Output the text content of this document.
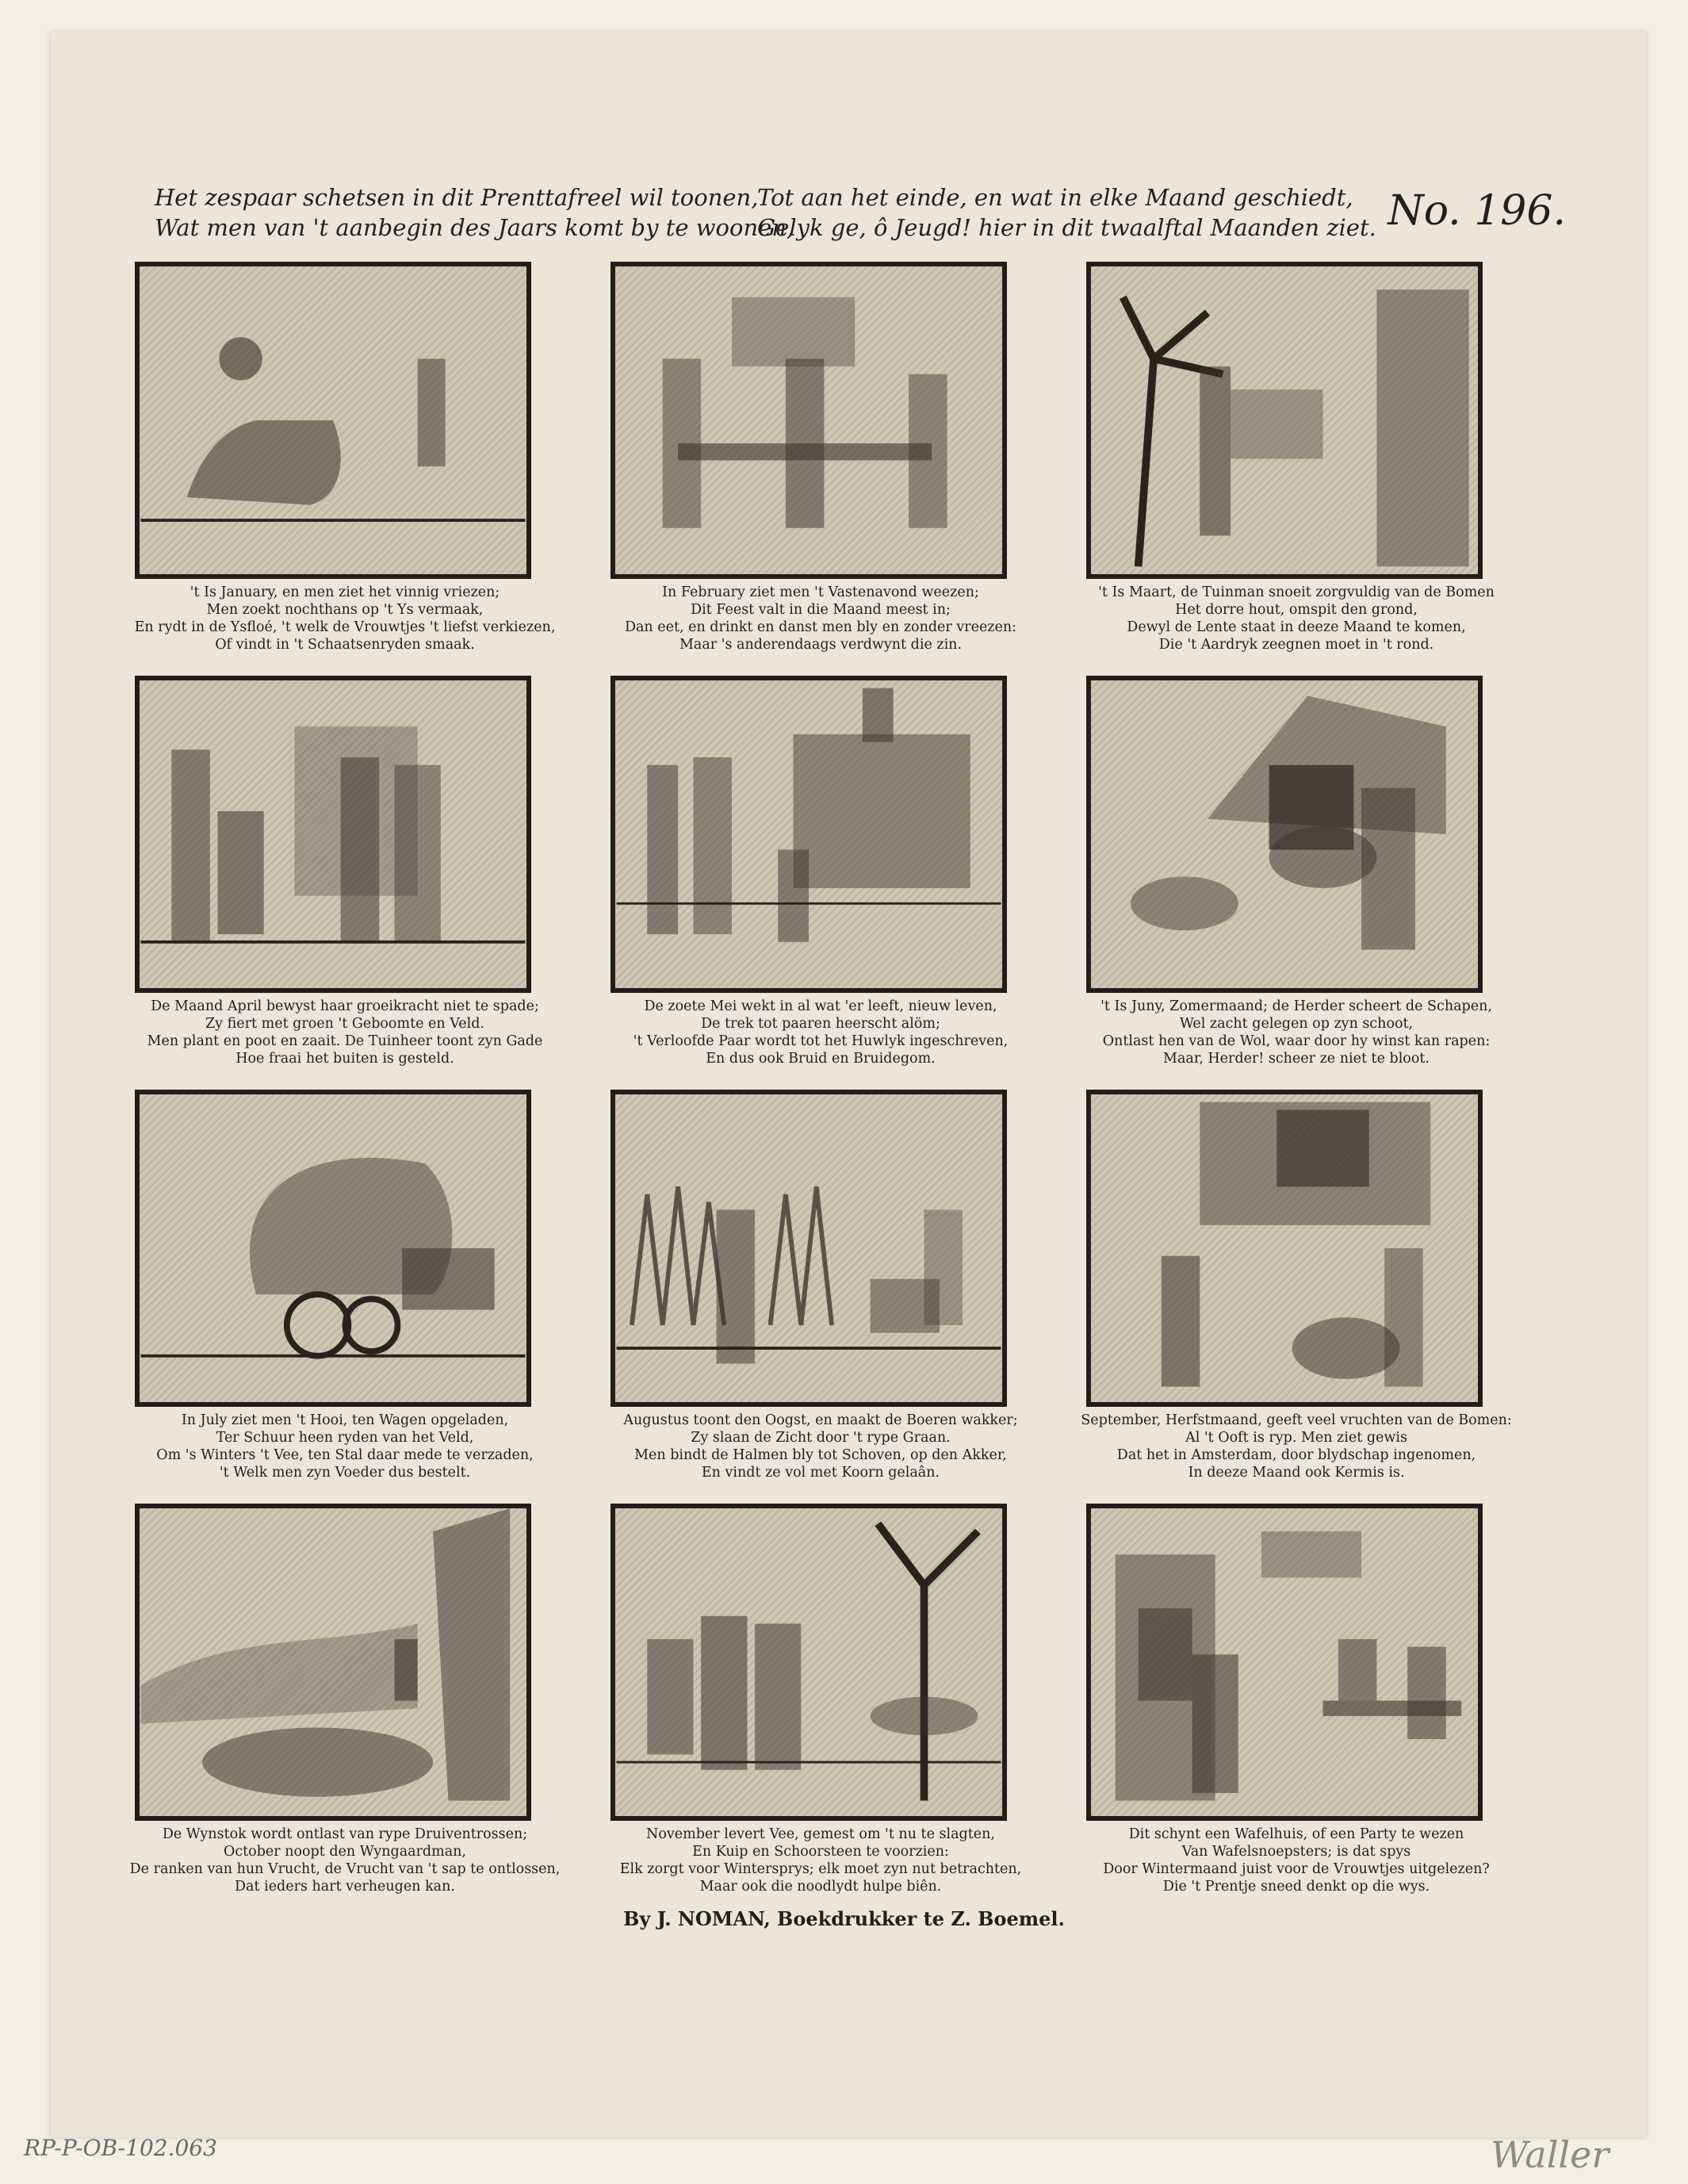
Het zespaar schetsen in dit Prenttafreel wil toonen,
Wat men van 't aanbegin des Jaars komt by te woonen,
Tot aan het einde, en wat in elke Maand geschiedt,
Gelyk ge, ô Jeugd! hier in dit twaalftal Maanden ziet. No. 196.
't Is January, en men ziet het vinnig vriezen;
Men zoekt nochthans op 't Ys vermaak,
En rydt in de Ysfloé, 't welk de Vrouwtjes 't liefst verkiezen,
Of vindt in 't Schaatsenryden smaak.
In February ziet men 't Vastenavond weezen;
Dit Feest valt in die Maand meest in;
Dan eet, en drinkt en danst men bly en zonder vreezen:
Maar 's anderendaags verdwynt die zin.
't Is Maart, de Tuinman snoeit zorgvuldig van de Bomen
Het dorre hout, omspit den grond,
Dewyl de Lente staat in deeze Maand te komen,
Die 't Aardryk zeegnen moet in 't rond.
De Maand April bewyst haar groeikracht niet te spade;
Zy fiert met groen 't Geboomte en Veld.
Men plant en poot en zaait. De Tuinheer toont zyn Gade
Hoe fraai het buiten is gesteld.
De zoete Mei wekt in al wat 'er leeft, nieuw leven,
De trek tot paaren heerscht alöm;
't Verloofde Paar wordt tot het Huwlyk ingeschreven,
En dus ook Bruid en Bruidegom.
't Is Juny, Zomermaand; de Herder scheert de Schapen,
Wel zacht gelegen op zyn schoot,
Ontlast hen van de Wol, waar door hy winst kan rapen:
Maar, Herder! scheer ze niet te bloot.
In July ziet men 't Hooi, ten Wagen opgeladen,
Ter Schuur heen ryden van het Veld,
Om 's Winters 't Vee, ten Stal daar mede te verzaden,
't Welk men zyn Voeder dus bestelt.
Augustus toont den Oogst, en maakt de Boeren wakker;
Zy slaan de Zicht door 't rype Graan.
Men bindt de Halmen bly tot Schoven, op den Akker,
En vindt ze vol met Koorn gelaân.
September, Herfstmaand, geeft veel vruchten van de Bomen:
Al 't Ooft is ryp. Men ziet gewis
Dat het in Amsterdam, door blydschap ingenomen,
In deeze Maand ook Kermis is.
De Wynstok wordt ontlast van rype Druiventrossen;
October noopt den Wyngaardman,
De ranken van hun Vrucht, de Vrucht van 't sap te ontlossen,
Dat ieders hart verheugen kan.
November levert Vee, gemest om 't nu te slagten,
En Kuip en Schoorsteen te voorzien:
Elk zorgt voor Wintersprys; elk moet zyn nut betrachten,
Maar ook die noodlydt hulpe biên.
Dit schynt een Wafelhuis, of een Party te wezen
Van Wafelsnoepsters; is dat spys
Door Wintermaand juist voor de Vrouwtjes uitgelezen?
Die 't Prentje sneed denkt op die wys.
By J. NOMAN, Boekdrukker te Z. Boemel.
RP-P-OB-102.063	Waller
